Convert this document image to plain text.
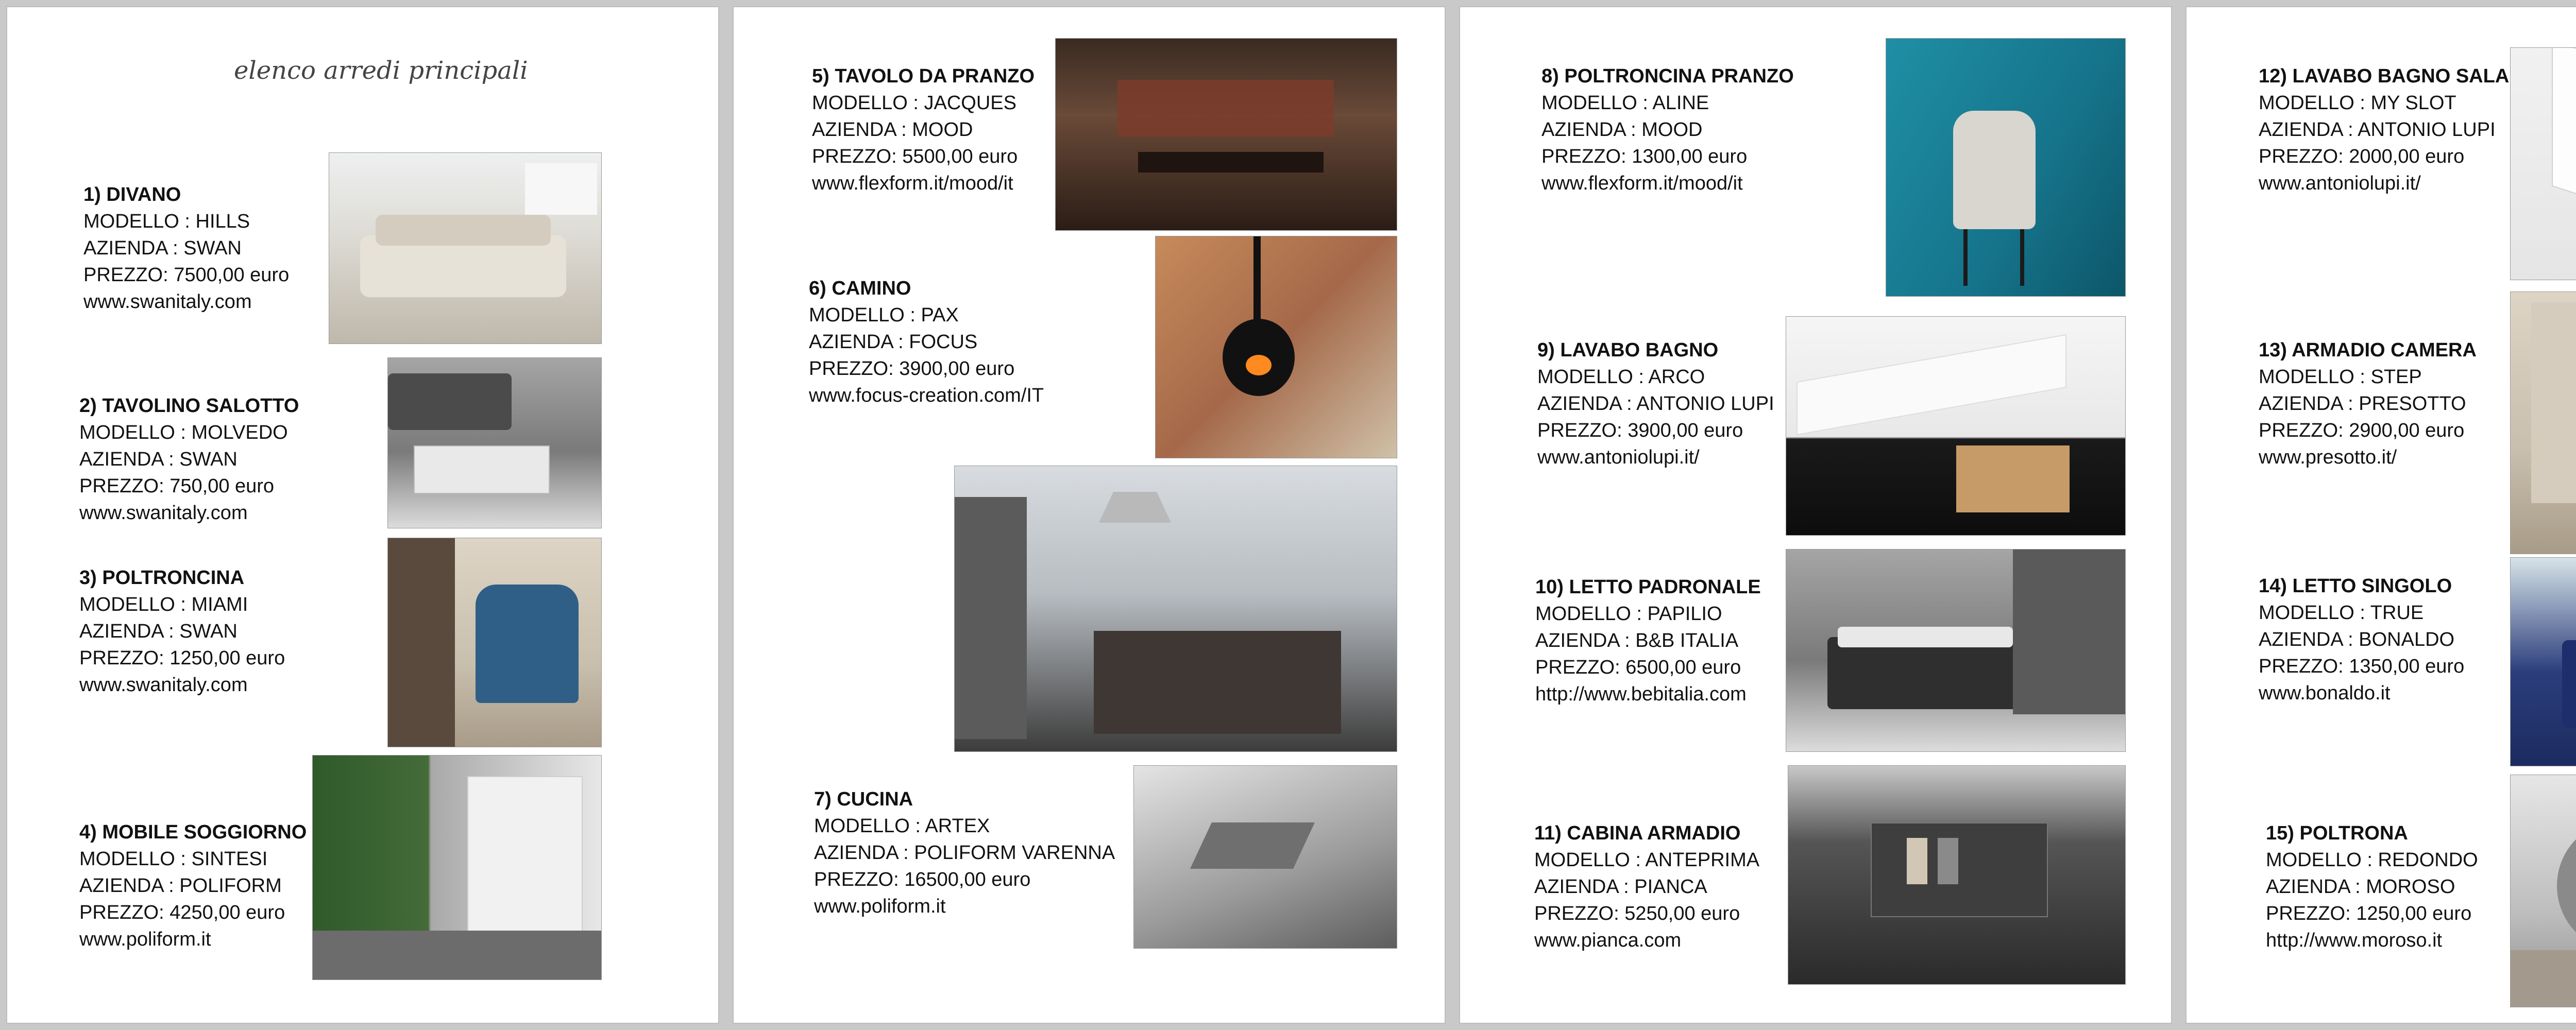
elenco arredi principali
1) DIVANO
MODELLO : HILLS
AZIENDA : SWAN
PREZZO: 7500,00 euro
www.swanitaly.com
2) TAVOLINO SALOTTO
MODELLO : MOLVEDO
AZIENDA : SWAN
PREZZO: 750,00 euro
www.swanitaly.com
3) POLTRONCINA
MODELLO : MIAMI
AZIENDA : SWAN
PREZZO: 1250,00 euro
www.swanitaly.com
4) MOBILE SOGGIORNO
MODELLO : SINTESI
AZIENDA : POLIFORM
PREZZO: 4250,00 euro
www.poliform.it
5) TAVOLO DA PRANZO
MODELLO : JACQUES
AZIENDA : MOOD
PREZZO: 5500,00 euro
www.flexform.it/mood/it
6) CAMINO
MODELLO : PAX
AZIENDA : FOCUS
PREZZO: 3900,00 euro
www.focus-creation.com/IT
7) CUCINA
MODELLO : ARTEX
AZIENDA : POLIFORM VARENNA
PREZZO: 16500,00 euro
www.poliform.it
8) POLTRONCINA PRANZO
MODELLO : ALINE
AZIENDA : MOOD
PREZZO: 1300,00 euro
www.flexform.it/mood/it
9) LAVABO BAGNO
MODELLO : ARCO
AZIENDA : ANTONIO LUPI
PREZZO: 3900,00 euro
www.antoniolupi.it/
10) LETTO PADRONALE
MODELLO : PAPILIO
AZIENDA : B&B ITALIA
PREZZO: 6500,00 euro
http://www.bebitalia.com
11) CABINA ARMADIO
MODELLO : ANTEPRIMA
AZIENDA : PIANCA
PREZZO: 5250,00 euro
www.pianca.com
12) LAVABO BAGNO SALA
MODELLO : MY SLOT
AZIENDA : ANTONIO LUPI
PREZZO: 2000,00 euro
www.antoniolupi.it/
13) ARMADIO CAMERA
MODELLO : STEP
AZIENDA : PRESOTTO
PREZZO: 2900,00 euro
www.presotto.it/
14) LETTO SINGOLO
MODELLO : TRUE
AZIENDA : BONALDO
PREZZO: 1350,00 euro
www.bonaldo.it
15) POLTRONA
MODELLO : REDONDO
AZIENDA : MOROSO
PREZZO: 1250,00 euro
http://www.moroso.it
